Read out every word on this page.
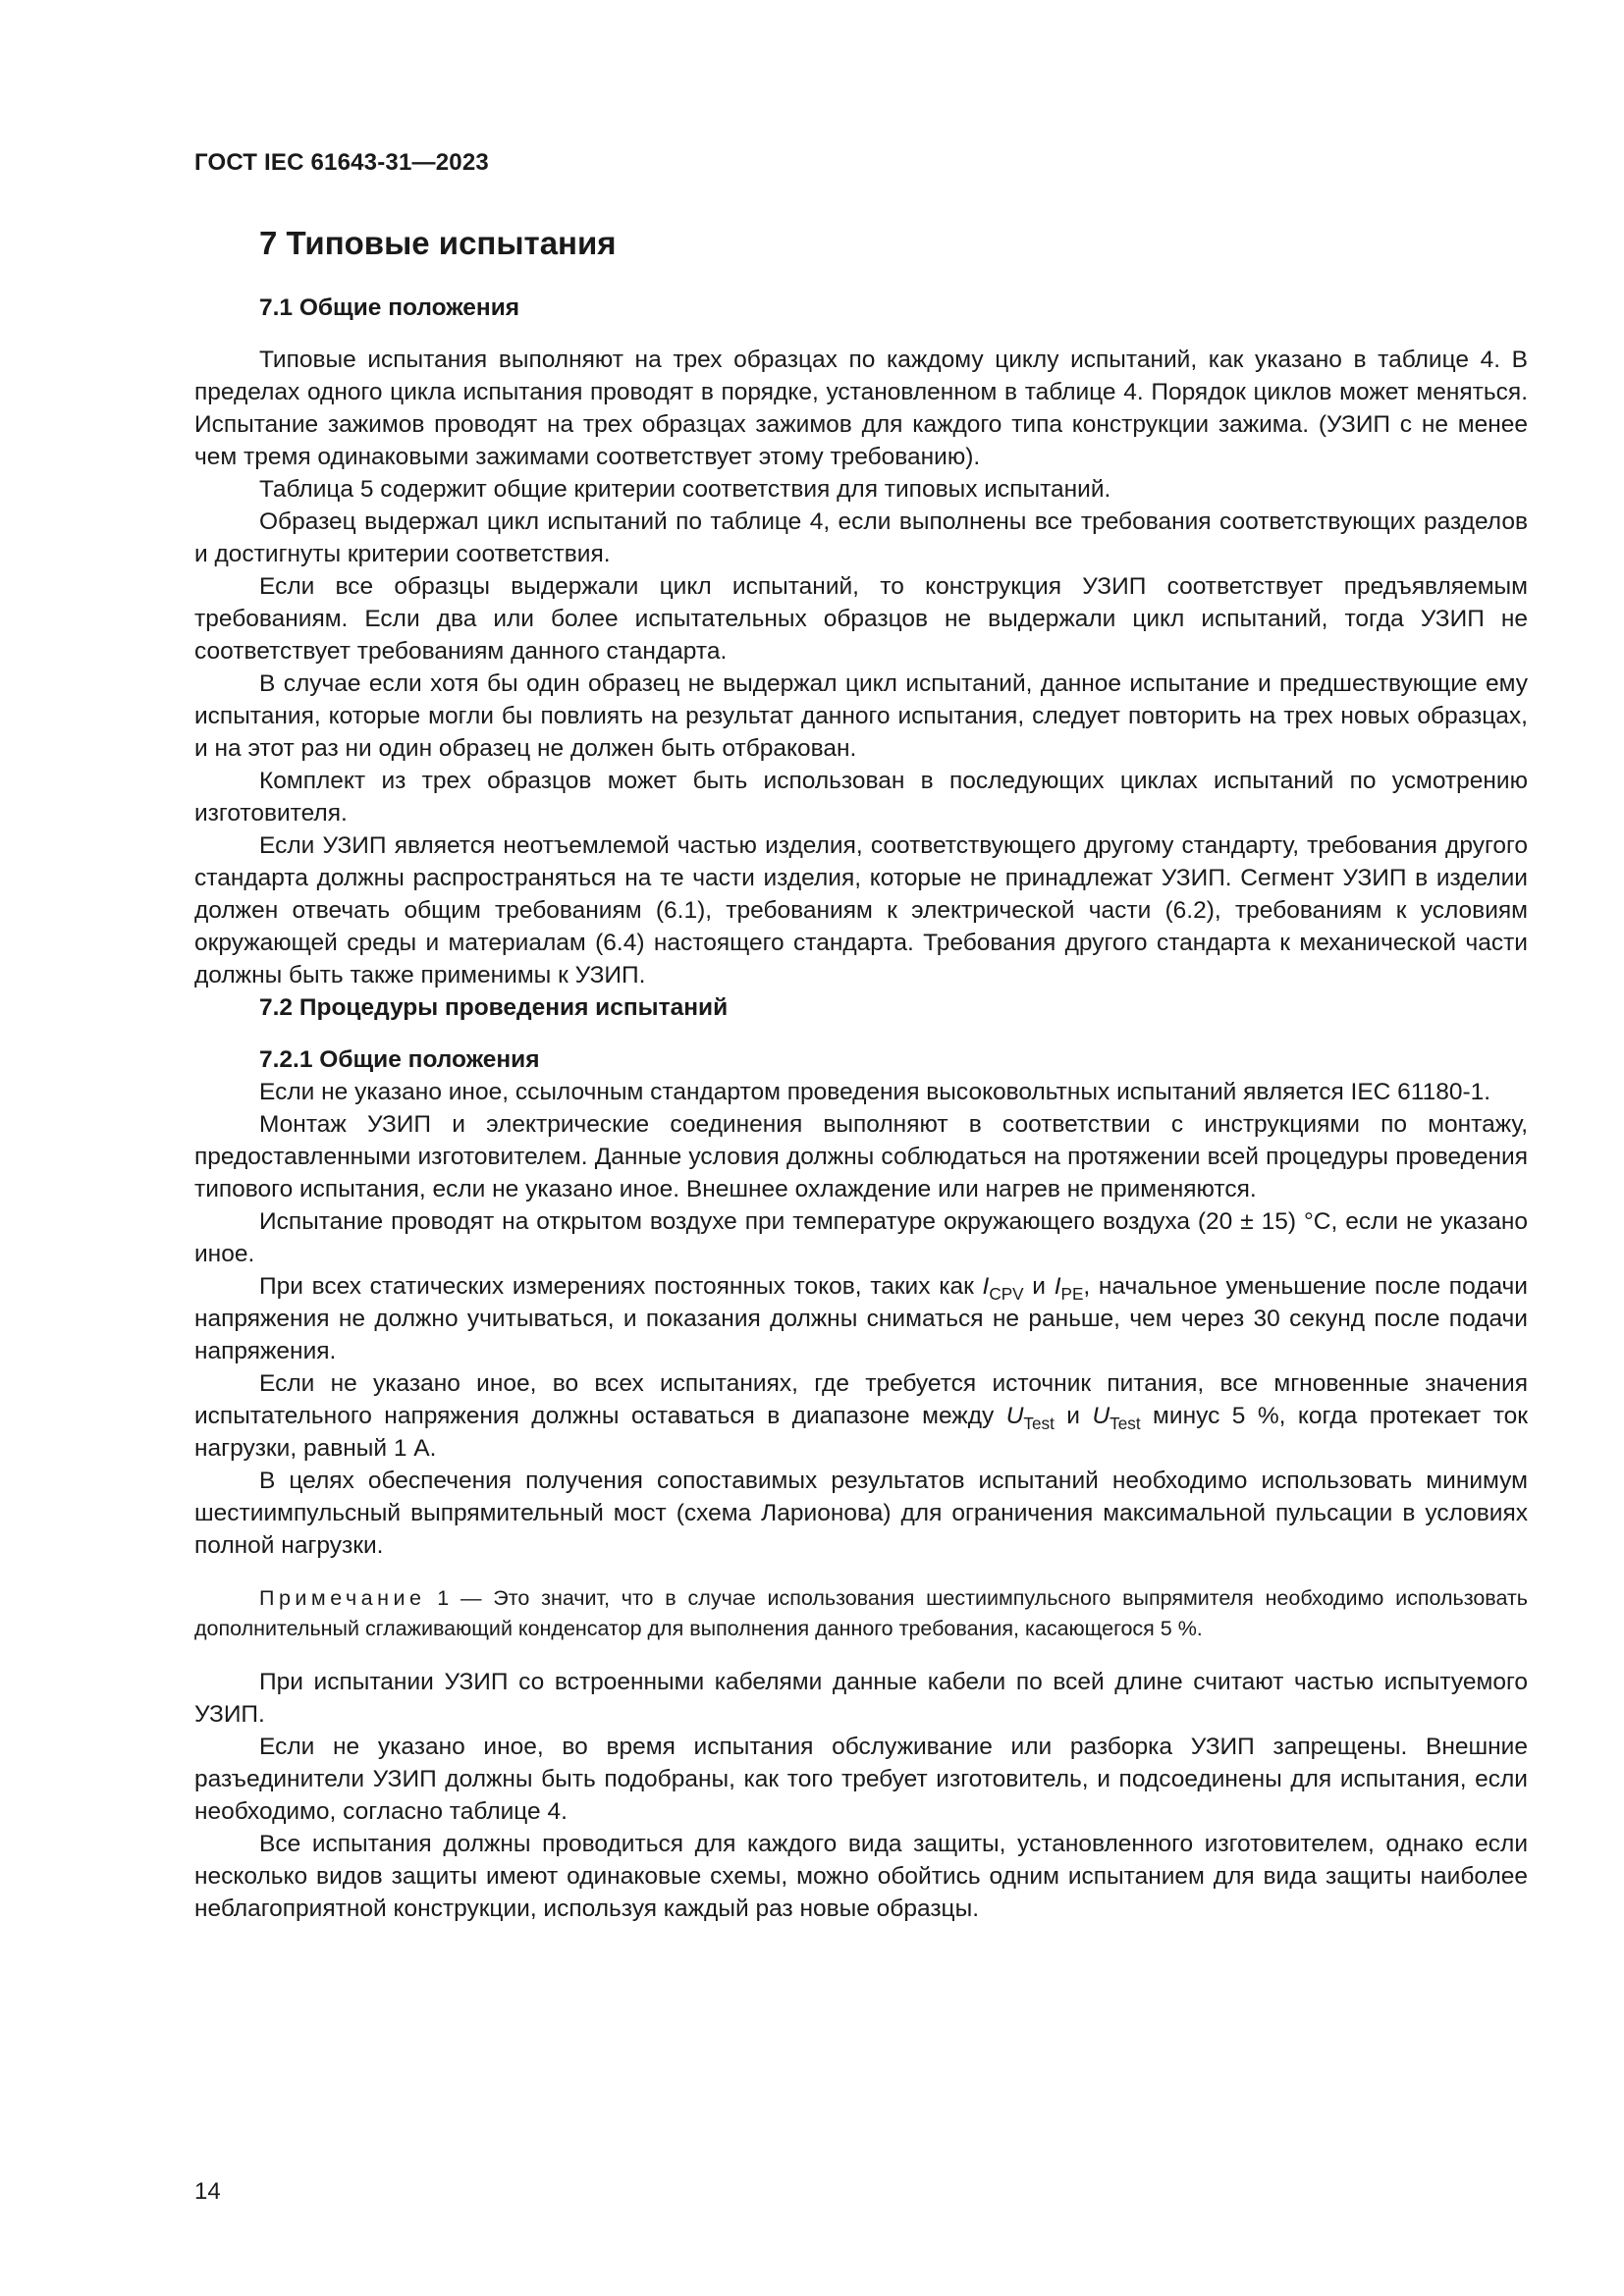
ГОСТ IEC 61643-31—2023
7 Типовые испытания
7.1 Общие положения

Типовые испытания выполняют на трех образцах по каждому циклу испытаний, как указано в таблице 4. В пределах одного цикла испытания проводят в порядке, установленном в таблице 4. Порядок циклов может меняться. Испытание зажимов проводят на трех образцах зажимов для каждого типа конструкции зажима. (УЗИП с не менее чем тремя одинаковыми зажимами соответствует этому требованию).

Таблица 5 содержит общие критерии соответствия для типовых испытаний.

Образец выдержал цикл испытаний по таблице 4, если выполнены все требования соответствующих разделов и достигнуты критерии соответствия.

Если все образцы выдержали цикл испытаний, то конструкция УЗИП соответствует предъявляемым требованиям. Если два или более испытательных образцов не выдержали цикл испытаний, тогда УЗИП не соответствует требованиям данного стандарта.

В случае если хотя бы один образец не выдержал цикл испытаний, данное испытание и предшествующие ему испытания, которые могли бы повлиять на результат данного испытания, следует повторить на трех новых образцах, и на этот раз ни один образец не должен быть отбракован.

Комплект из трех образцов может быть использован в последующих циклах испытаний по усмотрению изготовителя.

Если УЗИП является неотъемлемой частью изделия, соответствующего другому стандарту, требования другого стандарта должны распространяться на те части изделия, которые не принадлежат УЗИП. Сегмент УЗИП в изделии должен отвечать общим требованиям (6.1), требованиям к электрической части (6.2), требованиям к условиям окружающей среды и материалам (6.4) настоящего стандарта. Требования другого стандарта к механической части должны быть также применимы к УЗИП.

7.2 Процедуры проведения испытаний
7.2.1 Общие положения

Если не указано иное, ссылочным стандартом проведения высоковольтных испытаний является IEC 61180-1.

Монтаж УЗИП и электрические соединения выполняют в соответствии с инструкциями по монтажу, предоставленными изготовителем. Данные условия должны соблюдаться на протяжении всей процедуры проведения типового испытания, если не указано иное. Внешнее охлаждение или нагрев не применяются.

Испытание проводят на открытом воздухе при температуре окружающего воздуха (20 ± 15) °С, если не указано иное.

При всех статических измерениях постоянных токов, таких как $I_{CPV}$ и $I_{PE}$, начальное уменьшение после подачи напряжения не должно учитываться, и показания должны сниматься не раньше, чем через 30 секунд после подачи напряжения.

Если не указано иное, во всех испытаниях, где требуется источник питания, все мгновенные значения испытательного напряжения должны оставаться в диапазоне между $U_{Test}$ и $U_{Test}$ минус 5 %, когда протекает ток нагрузки, равный 1 А.

В целях обеспечения получения сопоставимых результатов испытаний необходимо использовать минимум шестиимпульсный выпрямительный мост (схема Ларионова) для ограничения максимальной пульсации в условиях полной нагрузки.

Примечание 1 — Это значит, что в случае использования шестиимпульсного выпрямителя необходимо использовать дополнительный сглаживающий конденсатор для выполнения данного требования, касающегося 5 %.

При испытании УЗИП со встроенными кабелями данные кабели по всей длине считают частью испытуемого УЗИП.

Если не указано иное, во время испытания обслуживание или разборка УЗИП запрещены. Внешние разъединители УЗИП должны быть подобраны, как того требует изготовитель, и подсоединены для испытания, если необходимо, согласно таблице 4.

Все испытания должны проводиться для каждого вида защиты, установленного изготовителем, однако если несколько видов защиты имеют одинаковые схемы, можно обойтись одним испытанием для вида защиты наиболее неблагоприятной конструкции, используя каждый раз новые образцы.

14
